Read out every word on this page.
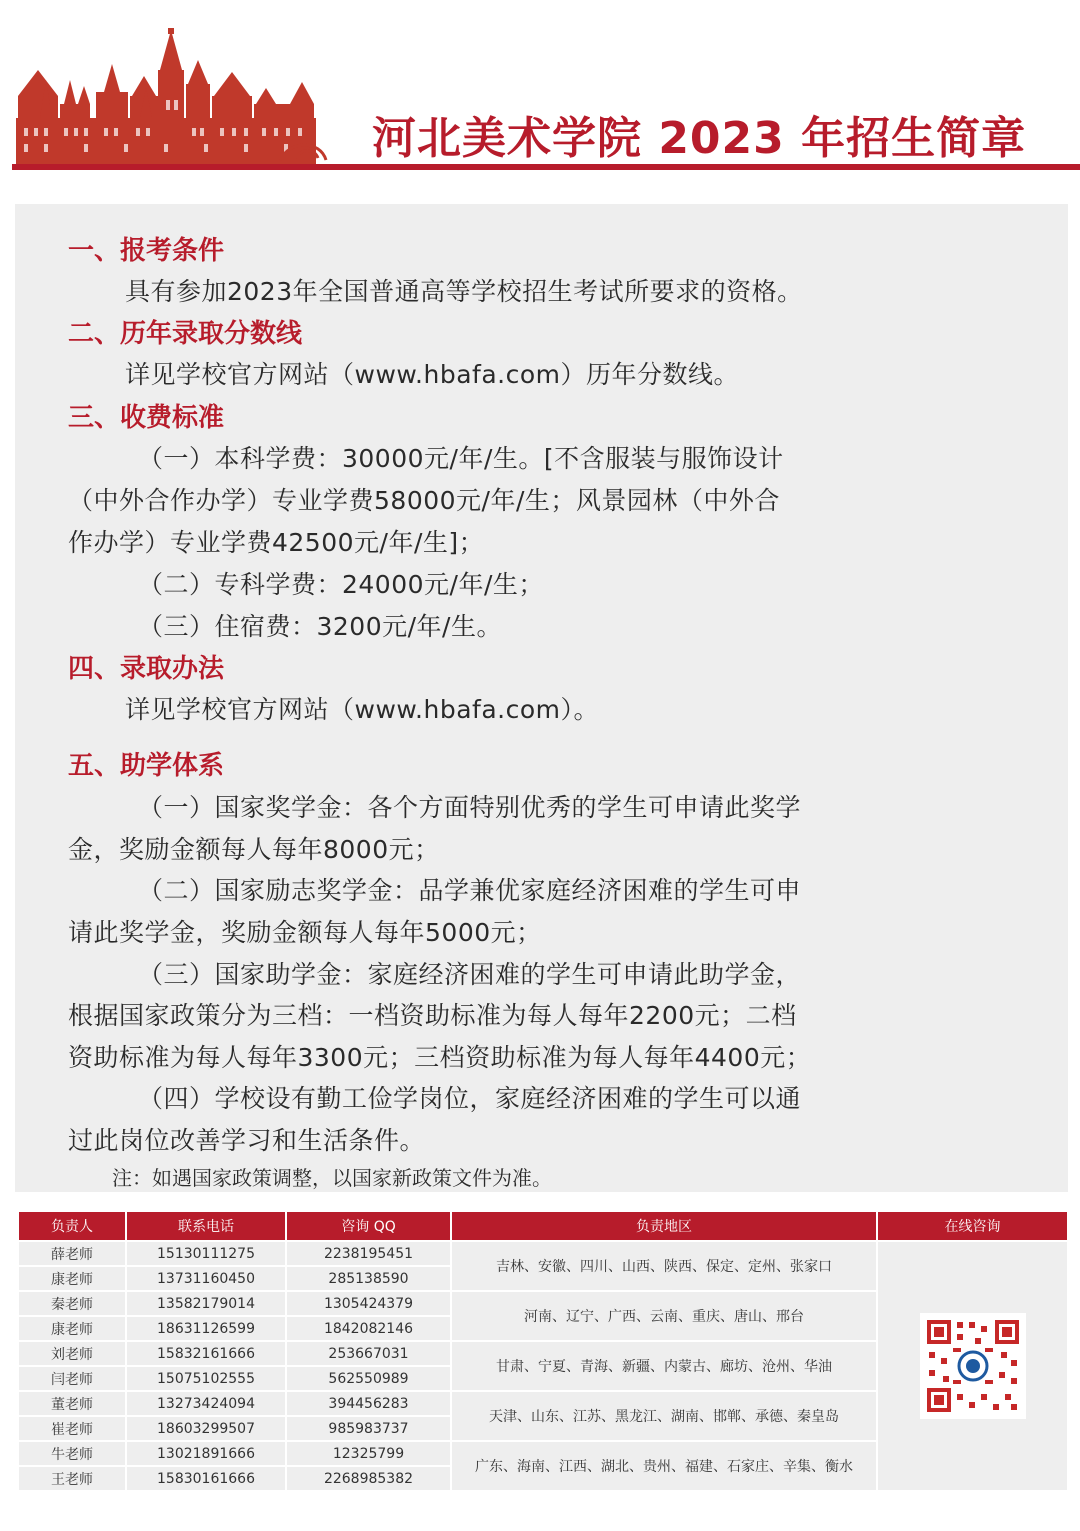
河北美术学院 2023 年招生简章
一、报考条件
具有参加2023年全国普通高等学校招生考试所要求的资格。
二、历年录取分数线
详见学校官方网站（www.hbafa.com）历年分数线。
三、收费标准
（一）本科学费：30000元/年/生。[不含服装与服饰设计
（中外合作办学）专业学费58000元/年/生；风景园林（中外合
作办学）专业学费42500元/年/生]；
（二）专科学费：24000元/年/生；
（三）住宿费：3200元/年/生。
四、录取办法
详见学校官方网站（www.hbafa.com）。
五、助学体系
（一）国家奖学金：各个方面特别优秀的学生可申请此奖学
金，奖励金额每人每年8000元；
（二）国家励志奖学金：品学兼优家庭经济困难的学生可申
请此奖学金，奖励金额每人每年5000元；
（三）国家助学金：家庭经济困难的学生可申请此助学金，
根据国家政策分为三档：一档资助标准为每人每年2200元；二档
资助标准为每人每年3300元；三档资助标准为每人每年4400元；
（四）学校设有勤工俭学岗位，家庭经济困难的学生可以通
过此岗位改善学习和生活条件。
注：如遇国家政策调整，以国家新政策文件为准。
负责人	联系电话	咨询 QQ	负责地区	在线咨询
薛老师	15130111275	2238195451	吉林、安徽、四川、山西、陕西、保定、定州、张家口	

康老师	13731160450	285138590		
秦老师	13582179014	1305424379	河南、辽宁、广西、云南、重庆、唐山、邢台	
康老师	18631126599	1842082146		
刘老师	15832161666	253667031	甘肃、宁夏、青海、新疆、内蒙古、廊坊、沧州、华油	
闫老师	15075102555	562550989		
董老师	13273424094	394456283	天津、山东、江苏、黑龙江、湖南、邯郸、承德、秦皇岛	
崔老师	18603299507	985983737		
牛老师	13021891666	12325799	广东、海南、江西、湖北、贵州、福建、石家庄、辛集、衡水	
王老师	15830161666	2268985382		
